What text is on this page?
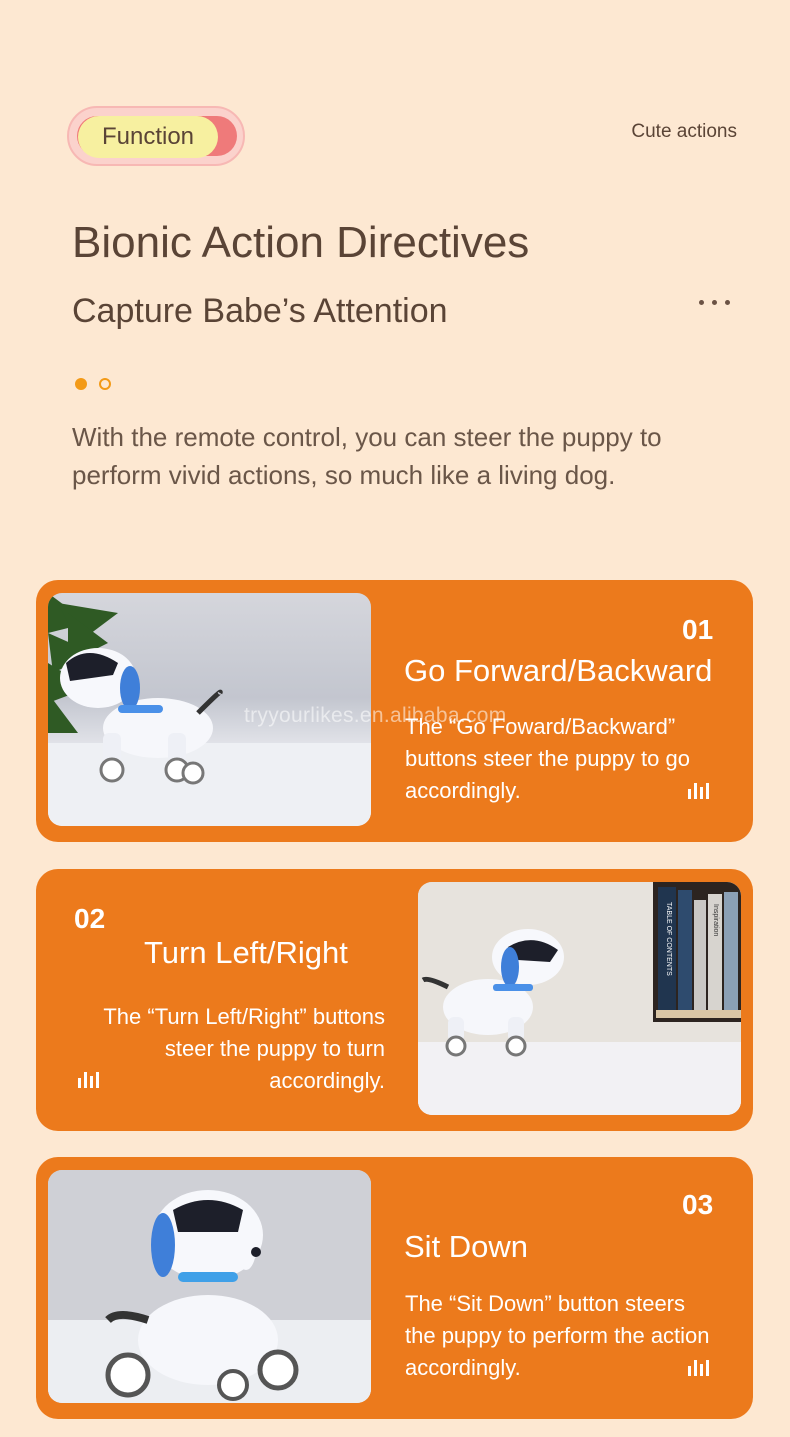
Function	Cute actions
Bionic Action Directives
Capture Babe’s Attention
With the remote control, you can steer the puppy to perform vivid actions, so much like a living dog.
01
Go Forward/Backward
The “Go Foward/Backward” buttons steer the puppy to go accordingly.
TABLE OF CONTENTS	Inspiration
02
Turn Left/Right
The “Turn Left/Right” buttons steer the puppy to turn accordingly.
03
Sit Down
The “Sit Down” button steers the puppy to perform the action accordingly.
tryyourlikes.en.alibaba.com
